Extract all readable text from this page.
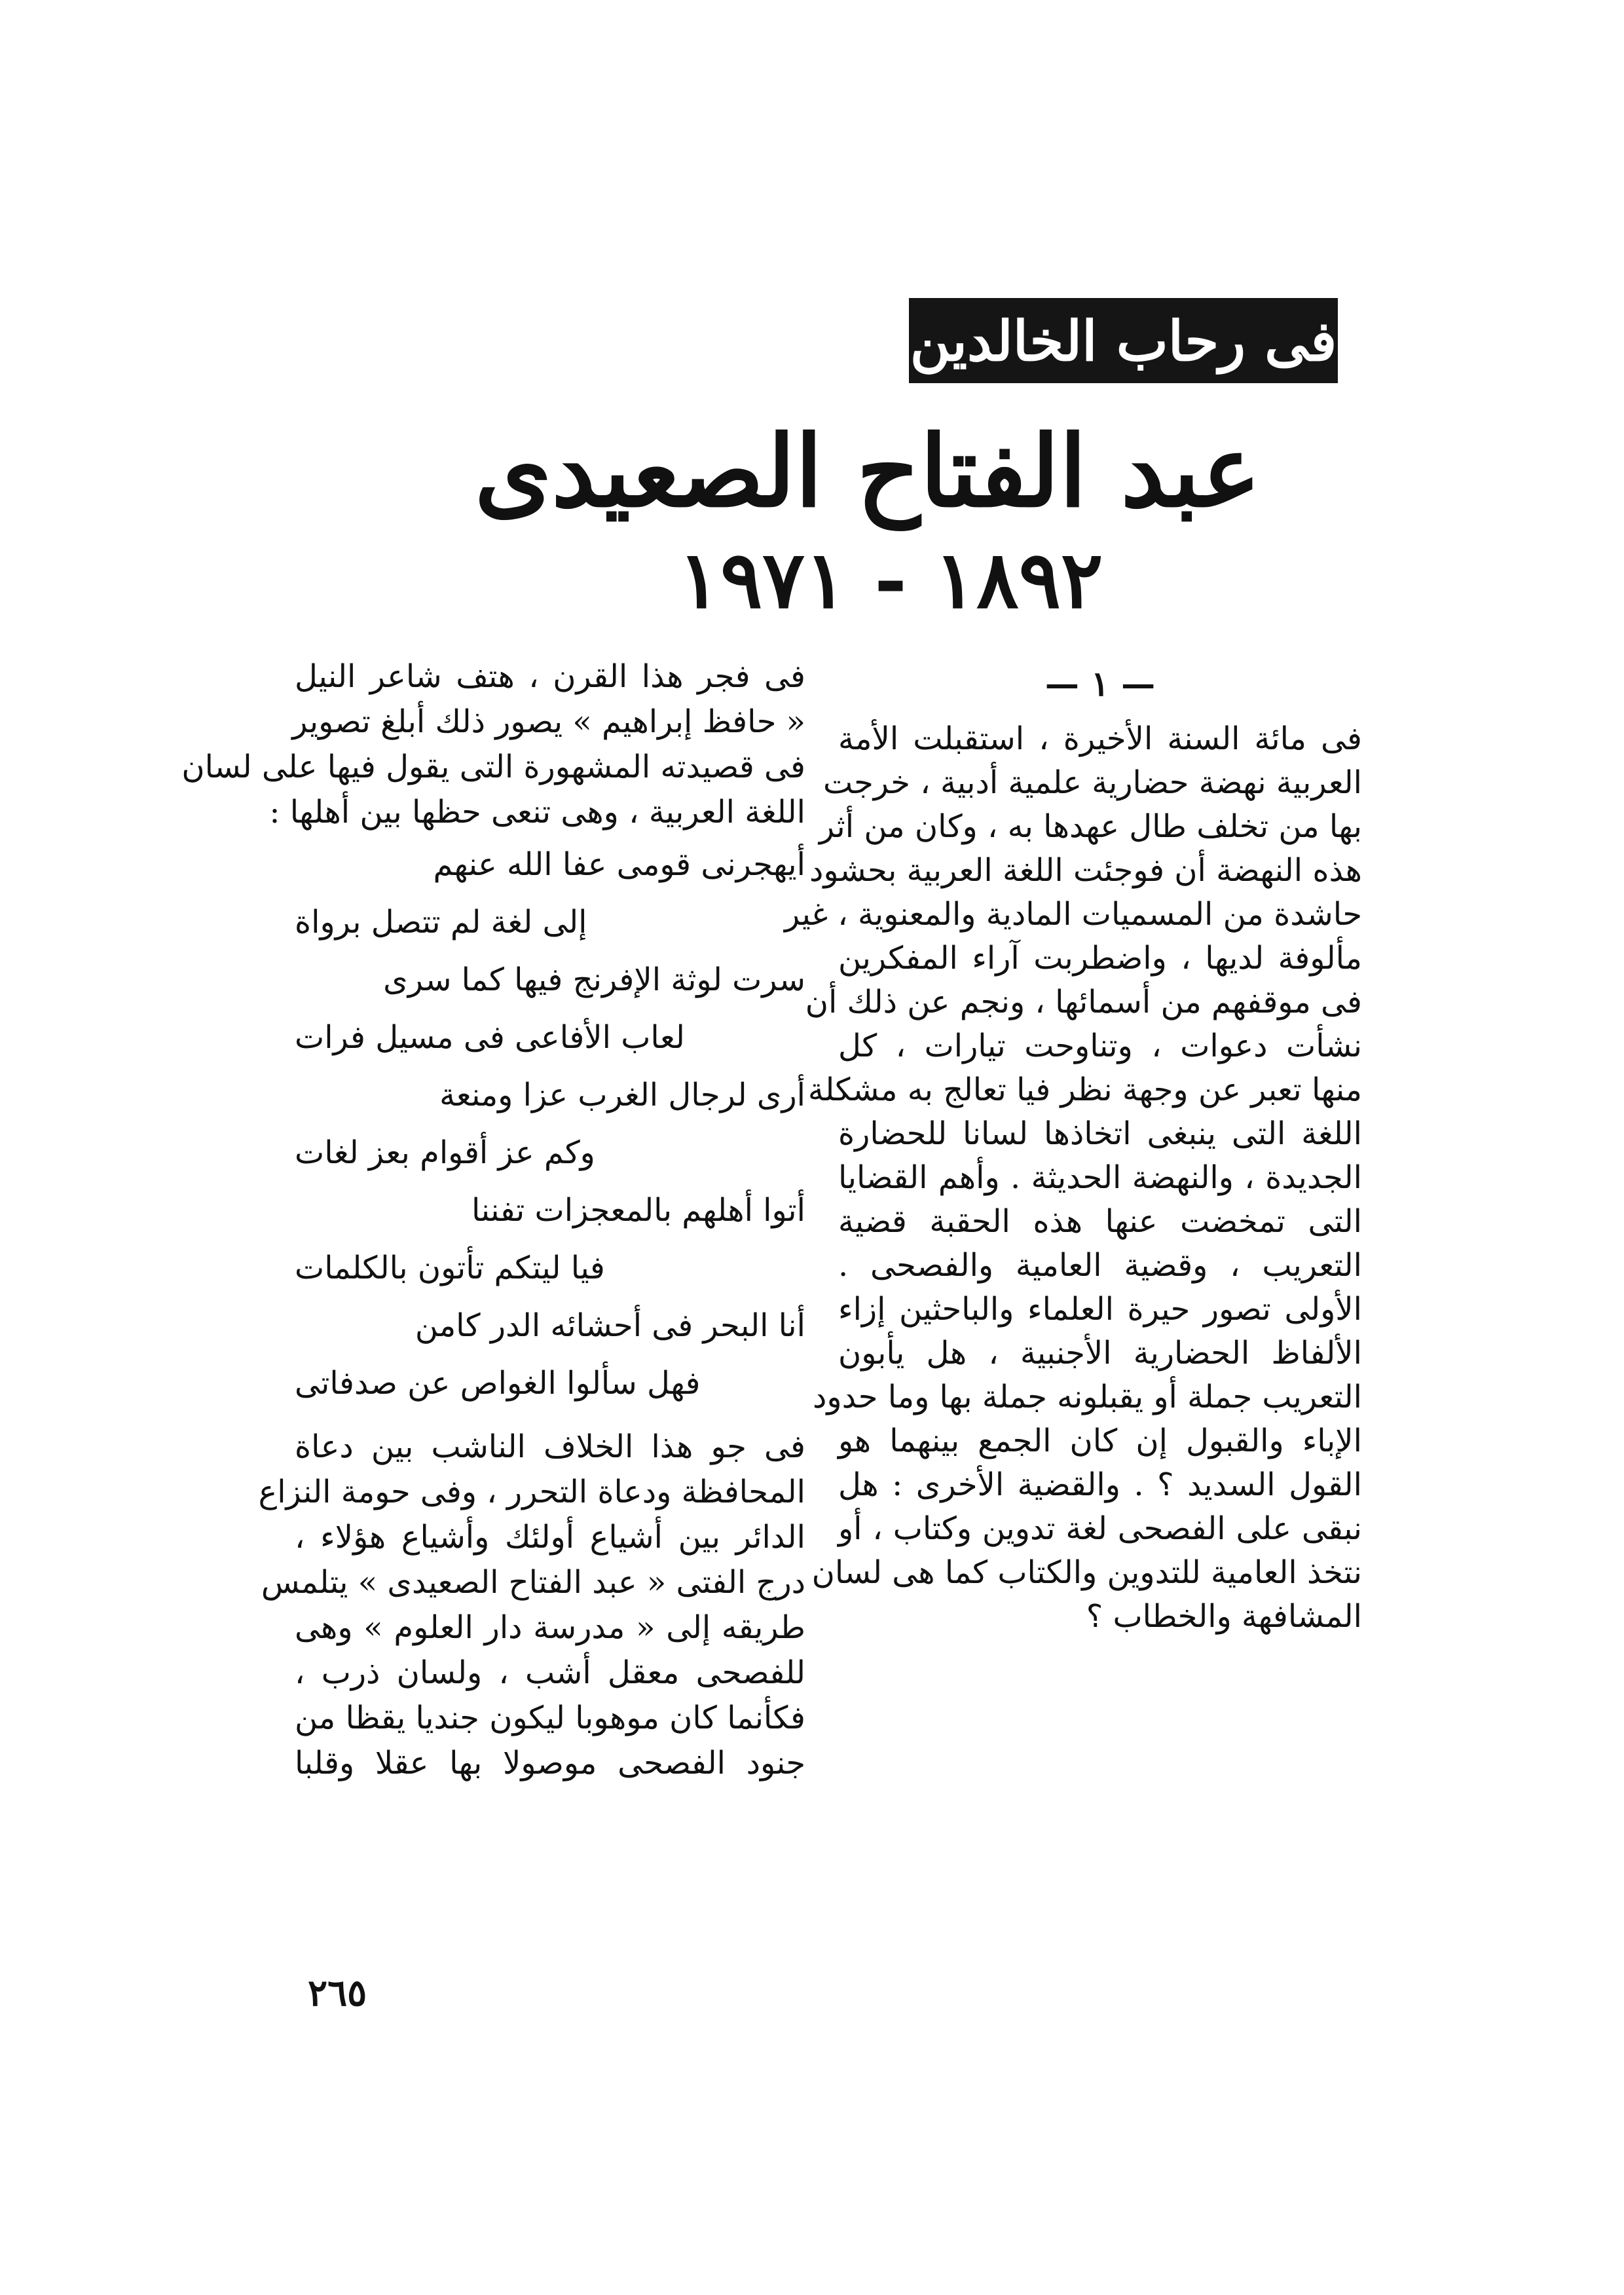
فى رحاب الخالدين
عبد الفتاح الصعيدى
١٨٩٢ - ١٩٧١
— ١ —
فى مائة السنة الأخيرة ، استقبلت الأمة
العربية نهضة حضارية علمية أدبية ، خرجت
بها من تخلف طال عهدها به ، وكان من أثر
هذه النهضة أن فوجئت اللغة العربية بحشود
حاشدة من المسميات المادية والمعنوية ، غير
مألوفة لديها ، واضطربت آراء المفكرين
فى موقفهم من أسمائها ، ونجم عن ذلك أن
نشأت دعوات ، وتناوحت تيارات ، كل
منها تعبر عن وجهة نظر فيا تعالج به مشكلة
اللغة التى ينبغى اتخاذها لسانا للحضارة
الجديدة ، والنهضة الحديثة . وأهم القضايا
التى تمخضت عنها هذه الحقبة قضية
التعريب ، وقضية العامية والفصحى .
الأولى تصور حيرة العلماء والباحثين إزاء
الألفاظ الحضارية الأجنبية ، هل يأبون
التعريب جملة أو يقبلونه جملة بها وما حدود
الإباء والقبول إن كان الجمع بينهما هو
القول السديد ؟ . والقضية الأخرى : هل
نبقى على الفصحى لغة تدوين وكتاب ، أو
نتخذ العامية للتدوين والكتاب كما هى لسان
المشافهة والخطاب ؟
فى فجر هذا القرن ، هتف شاعر النيل
« حافظ إبراهيم » يصور ذلك أبلغ تصوير
فى قصيدته المشهورة التى يقول فيها على لسان
اللغة العربية ، وهى تنعى حظها بين أهلها :
أيهجرنى قومى عفا الله عنهم
إلى لغة لم تتصل برواة
سرت لوثة الإفرنج فيها كما سرى
لعاب الأفاعى فى مسيل فرات
أرى لرجال الغرب عزا ومنعة
وكم عز أقوام بعز لغات
أتوا أهلهم بالمعجزات تفننا
فيا ليتكم تأتون بالكلمات
أنا البحر فى أحشائه الدر كامن
فهل سألوا الغواص عن صدفاتى
فى جو هذا الخلاف الناشب بين دعاة
المحافظة ودعاة التحرر ، وفى حومة النزاع
الدائر بين أشياع أولئك وأشياع هؤلاء ،
درج الفتى « عبد الفتاح الصعيدى » يتلمس
طريقه إلى « مدرسة دار العلوم » وهى
للفصحى معقل أشب ، ولسان ذرب ،
فكأنما كان موهوبا ليكون جنديا يقظا من
جنود الفصحى موصولا بها عقلا وقلبا
٢٦٥
